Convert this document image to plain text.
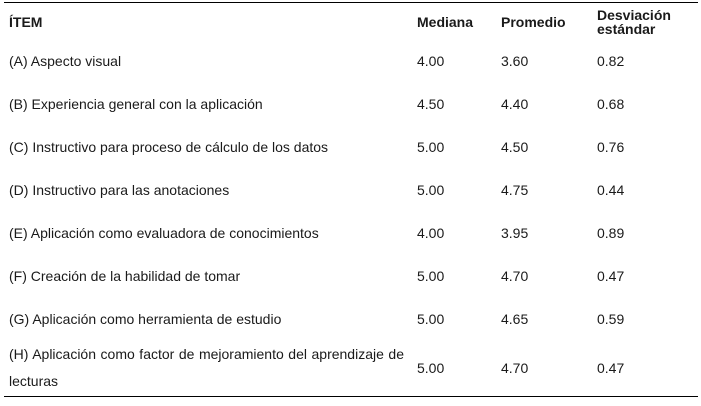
ÍTEM	Mediana	Promedio	Desviación
estándar
(A) Aspecto visual	4.00	3.60	0.82
(B) Experiencia general con la aplicación	4.50	4.40	0.68
(C) Instructivo para proceso de cálculo de los datos	5.00	4.50	0.76
(D) Instructivo para las anotaciones	5.00	4.75	0.44
(E) Aplicación como evaluadora de conocimientos	4.00	3.95	0.89
(F) Creación de la habilidad de tomar	5.00	4.70	0.47
(G) Aplicación como herramienta de estudio	5.00	4.65	0.59

(H) Aplicación como factor de mejoramiento del aprendizaje de lecturas	5.00	4.70	0.47
